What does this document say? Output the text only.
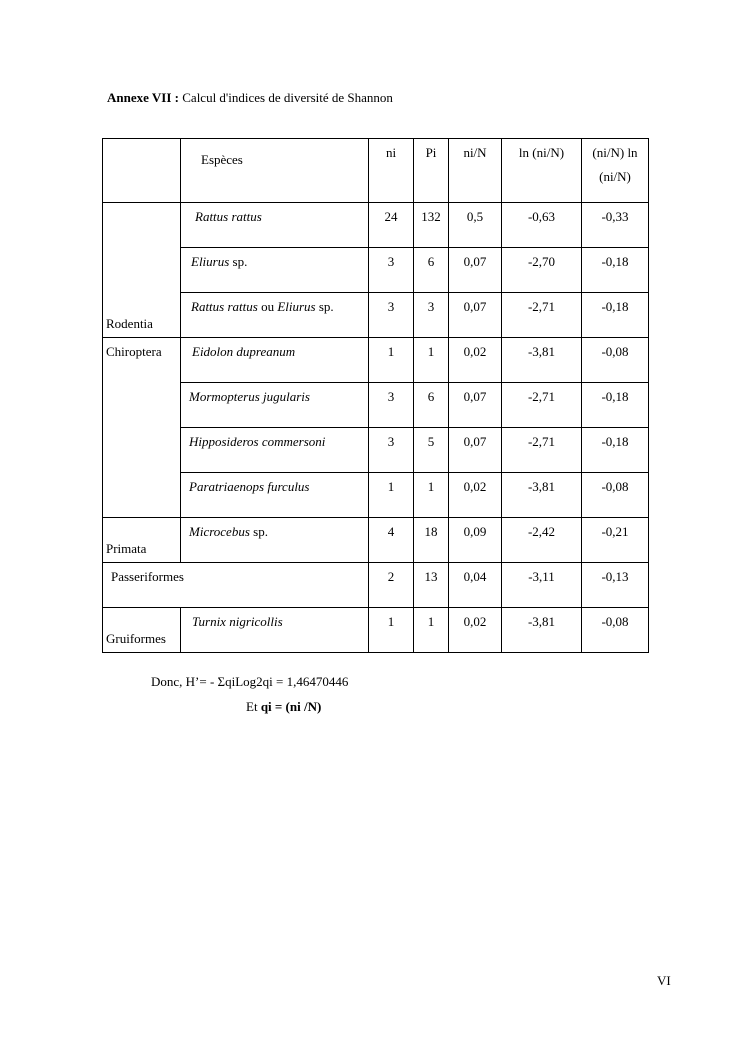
Annexe VII : Calcul d'indices de diversité de Shannon
	Espèces	ni	Pi	ni/N	ln (ni/N)	(ni/N) ln
(ni/N)
Rodentia	Rattus rattus	24	132	0,5	-0,63	-0,33
	Eliurus sp.	3	6	0,07	-2,70	-0,18
	Rattus rattus ou Eliurus sp.	3	3	0,07	-2,71	-0,18
Chiroptera	Eidolon dupreanum	1	1	0,02	-3,81	-0,08
	Mormopterus jugularis	3	6	0,07	-2,71	-0,18
	Hipposideros commersoni	3	5	0,07	-2,71	-0,18
	Paratriaenops furculus	1	1	0,02	-3,81	-0,08
Primata	Microcebus sp.	4	18	0,09	-2,42	-0,21
Passeriformes		2	13	0,04	-3,11	-0,13
Gruiformes	Turnix nigricollis	1	1	0,02	-3,81	-0,08
Donc, H’= - ΣqiLog2qi = 1,46470446
Et qi = (ni /N)
VI
